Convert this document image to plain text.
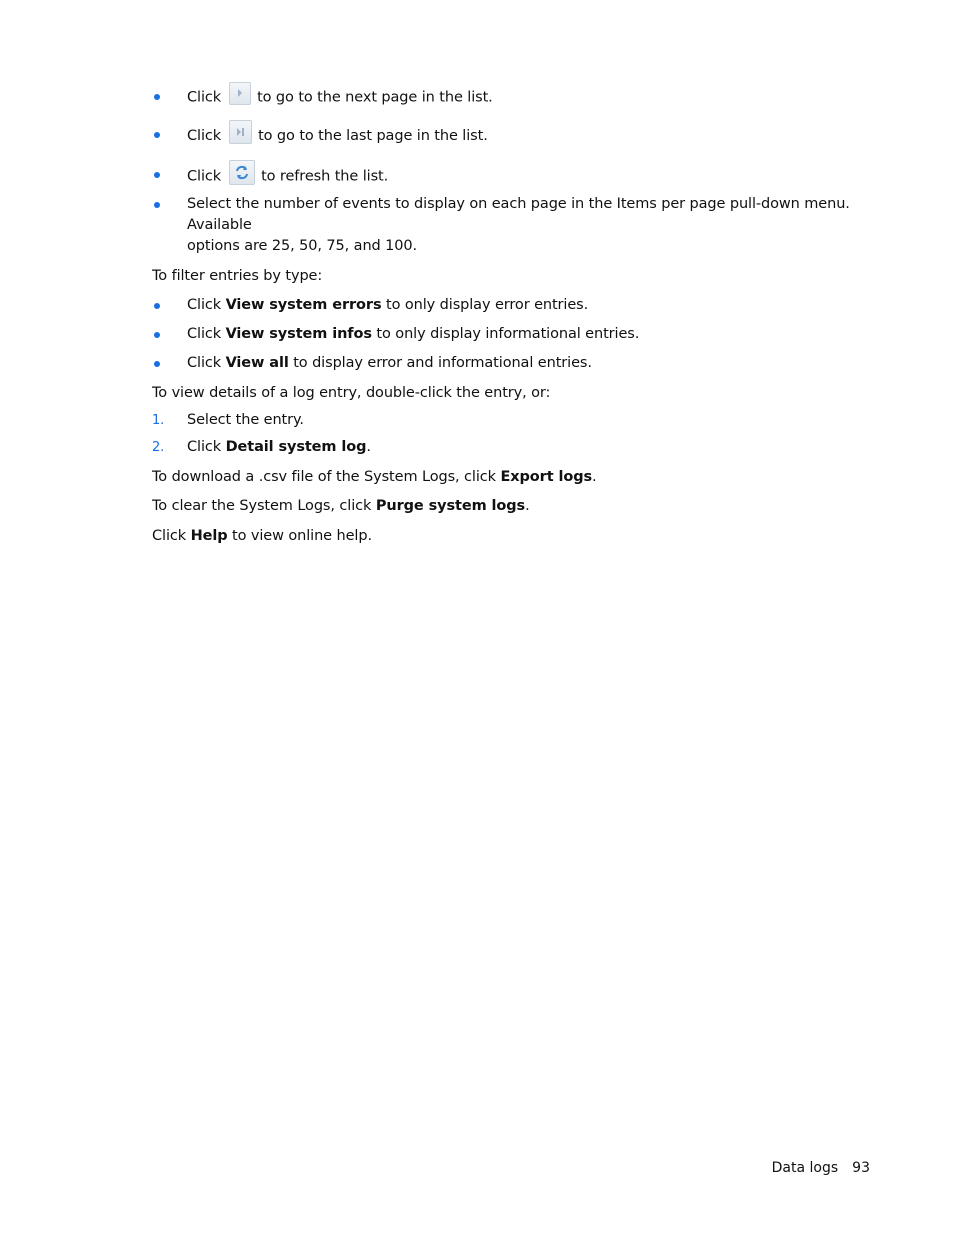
Click to go to the next page in the list.
Click	to go to the last page in the list.
Click	to refresh the list.
Select the number of events to display on each page in the Items per page pull-down menu. Available
options are 25, 50, 75, and 100.

To filter entries by type:

Click View system errors to only display error entries.
Click View system infos to only display informational entries.
Click View all to display error and informational entries.

To view details of a log entry, double-click the entry, or:

1. Select the entry.
2. Click Detail system log.

To download a .csv file of the System Logs, click Export logs.

To clear the System Logs, click Purge system logs.

Click Help to view online help.

Data logs 93
